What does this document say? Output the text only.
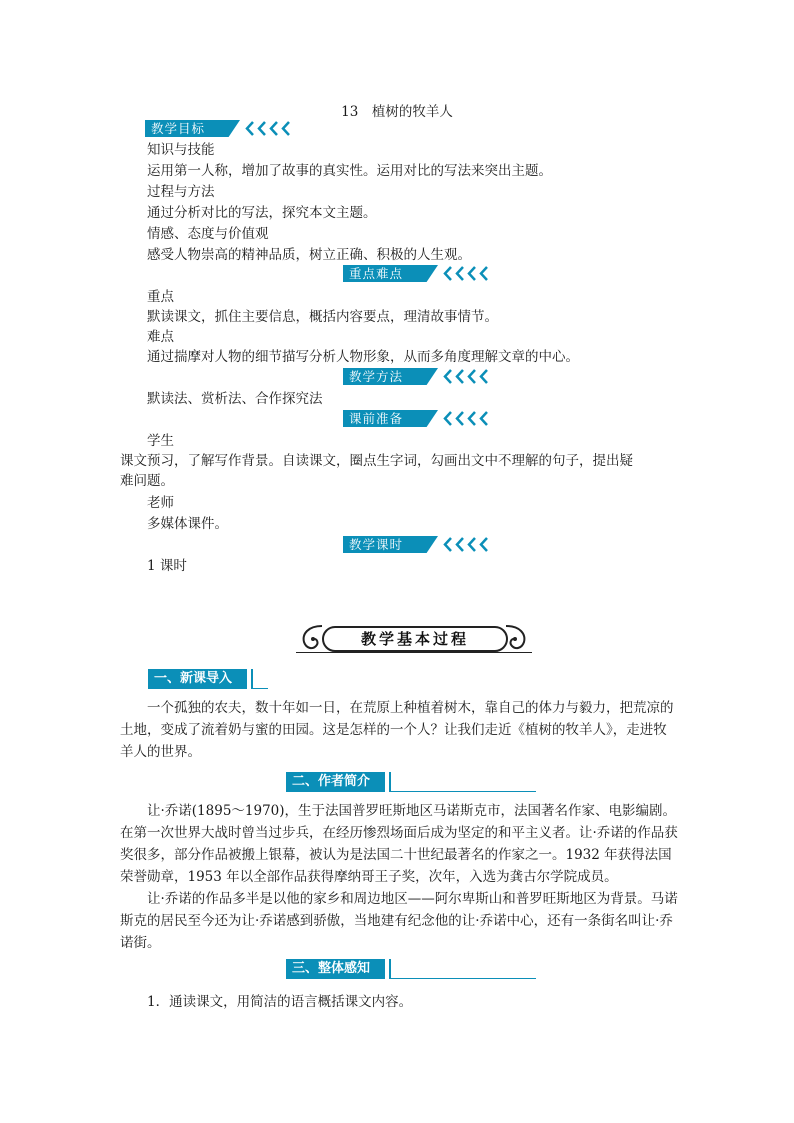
13　植树的牧羊人
教学目标
知识与技能
运用第一人称，增加了故事的真实性。运用对比的写法来突出主题。
过程与方法
通过分析对比的写法，探究本文主题。
情感、态度与价值观
感受人物崇高的精神品质，树立正确、积极的人生观。
重点难点
重点
默读课文，抓住主要信息，概括内容要点，理清故事情节。
难点
通过揣摩对人物的细节描写分析人物形象，从而多角度理解文章的中心。
教学方法
默读法、赏析法、合作探究法
课前准备
学生
课文预习，了解写作背景。自读课文，圈点生字词，勾画出文中不理解的句子，提出疑
难问题。
老师
多媒体课件。
教学课时
1 课时
教学基本过程
一、新课导入
一个孤独的农夫，数十年如一日，在荒原上种植着树木，靠自己的体力与毅力，把荒凉的土地，变成了流着奶与蜜的田园。这是怎样的一个人？让我们走近《植树的牧羊人》，走进牧羊人的世界。
二、作者简介
让·乔诺(1895～1970)，生于法国普罗旺斯地区马诺斯克市，法国著名作家、电影编剧。在第一次世界大战时曾当过步兵，在经历惨烈场面后成为坚定的和平主义者。让·乔诺的作品获奖很多，部分作品被搬上银幕，被认为是法国二十世纪最著名的作家之一。1932 年获得法国荣誉勋章，1953 年以全部作品获得摩纳哥王子奖，次年，入选为龚古尔学院成员。
让·乔诺的作品多半是以他的家乡和周边地区——阿尔卑斯山和普罗旺斯地区为背景。马诺斯克的居民至今还为让·乔诺感到骄傲，当地建有纪念他的让·乔诺中心，还有一条街名叫让·乔诺街。
三、整体感知
1．通读课文，用简洁的语言概括课文内容。
